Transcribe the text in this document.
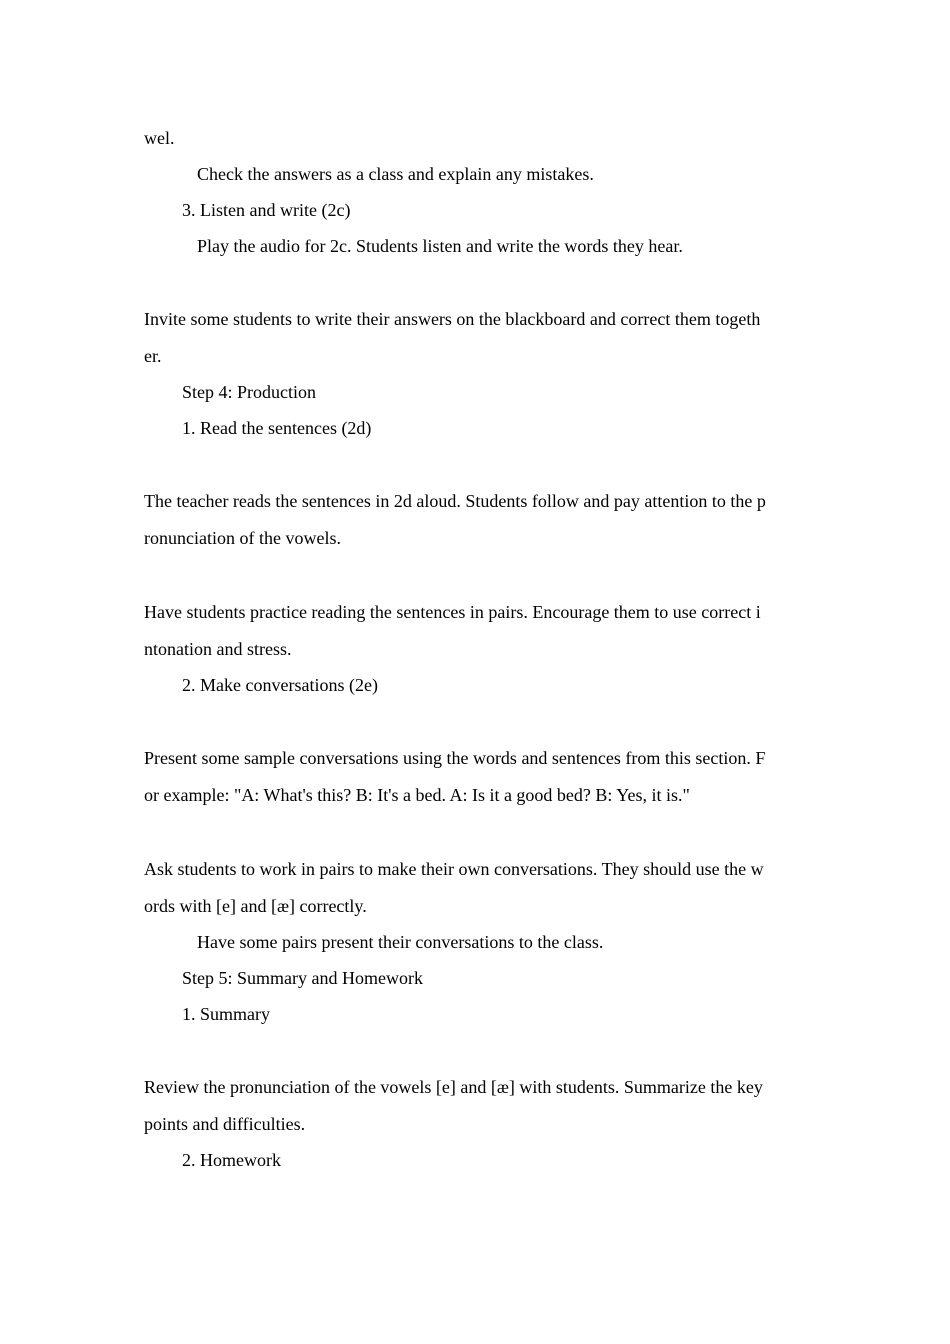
wel.
Check the answers as a class and explain any mistakes.
3. Listen and write (2c)
Play the audio for 2c. Students listen and write the words they hear.
Invite some students to write their answers on the blackboard and correct them togeth
er.
Step 4: Production
1. Read the sentences (2d)
The teacher reads the sentences in 2d aloud. Students follow and pay attention to the p
ronunciation of the vowels.
Have students practice reading the sentences in pairs. Encourage them to use correct i
ntonation and stress.
2. Make conversations (2e)
Present some sample conversations using the words and sentences from this section. F
or example: "A: What's this? B: It's a bed. A: Is it a good bed? B: Yes, it is."
Ask students to work in pairs to make their own conversations. They should use the w
ords with [e] and [æ] correctly.
Have some pairs present their conversations to the class.
Step 5: Summary and Homework
1. Summary
Review the pronunciation of the vowels [e] and [æ] with students. Summarize the key
points and difficulties.
2. Homework
